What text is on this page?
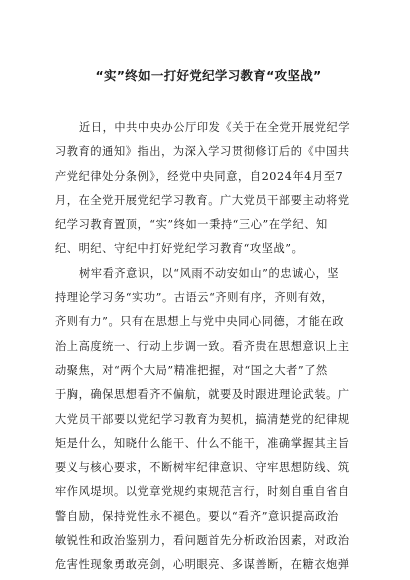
“实”终如一打好党纪学习教育“攻坚战”
近日，中共中央办公厅印发《关于在全党开展党纪学
习教育的通知》指出，为深入学习贯彻修订后的《中国共
产党纪律处分条例》，经党中央同意，自2024年4月至7
月，在全党开展党纪学习教育。广大党员干部要主动将党
纪学习教育置顶，“实”终如一秉持“三心”在学纪、知
纪、明纪、守纪中打好党纪学习教育“攻坚战”。
树牢看齐意识，以“风雨不动安如山”的忠诚心，坚
持理论学习务“实功”。古语云“齐则有序，齐则有效，
齐则有力”。只有在思想上与党中央同心同德，才能在政
治上高度统一、行动上步调一致。看齐贵在思想意识上主
动聚焦，对“两个大局”精准把握，对“国之大者”了然
于胸，确保思想看齐不偏航，就要及时跟进理论武装。广
大党员干部要以党纪学习教育为契机，搞清楚党的纪律规
矩是什么，知晓什么能干、什么不能干，准确掌握其主旨
要义与核心要求，不断树牢纪律意识、守牢思想防线、筑
牢作风堤坝。以党章党规约束规范言行，时刻自重自省自
警自励，保持党性永不褪色。要以“看齐”意识提高政治
敏锐性和政治鉴别力，看问题首先分析政治因素，对政治
危害性现象勇敢亮剑，心明眼亮、多谋善断，在糖衣炮弹
